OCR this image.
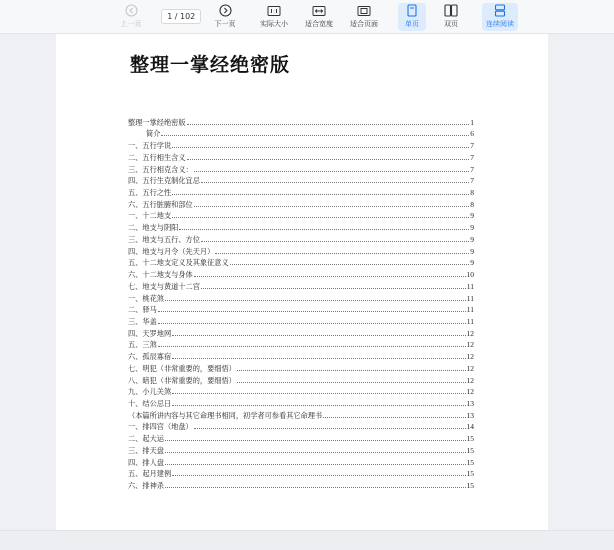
上一页
1 / 102
下一页	实际大小 适合宽度 适合页面	单页	双页	连续阅读
整理一掌经绝密版
整理一掌经绝密版	1
简介	6
一、五行学说	7
二、五行相生含义	7
三、五行相克含义：	7
四、五行生克制化宜忌	7
五、五行之性	8
六、五行脏腑和部位	8
一、十二地支	9
二、地支与阴阳	9
三、地支与五行、方位	9
四、地支与月令（先天月）	9
五、十二地支定义及其象征意义	9
六、十二地支与身体	10
七、地支与黄道十二宫	11
一、桃花煞	11
二、驿马	11
三、华盖	11
四、天罗地网	12
五、三煞	12
六、孤辰寡宿	12
七、明犯（非常重要的，要细悟）	12
八、暗犯（非常重要的，要细悟）	12
九、小儿关煞	12
十、结公忌日	13
（本篇所讲内容与其它命理书相同，初学者可参看其它命理书	13
一、排四宫（地盘）	14
二、起大运	15
三、排天盘	15
四、排人盘	15
五、起月建例	15
六、排神杀	15
